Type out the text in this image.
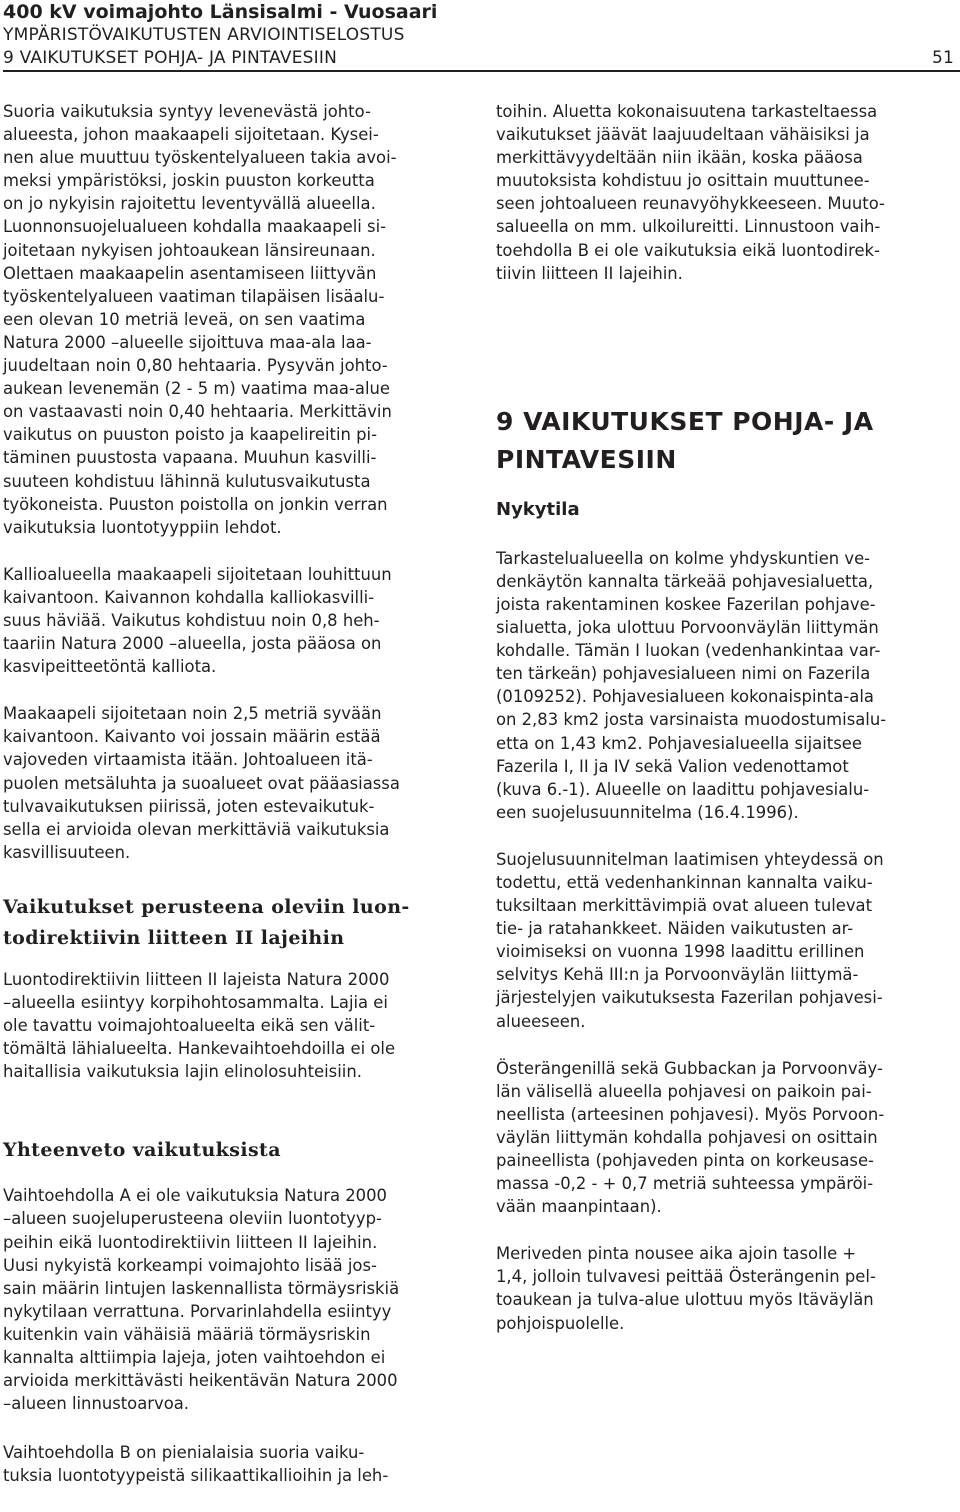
400 kV voimajohto Länsisalmi - Vuosaari
YMPÄRISTÖVAIKUTUSTEN ARVIOINTISELOSTUS
9 VAIKUTUKSET POHJA- JA PINTAVESIIN	51

Suoria vaikutuksia syntyy levenevästä johto-
alueesta, johon maakaapeli sijoitetaan. Kysei-
nen alue muuttuu työskentelyalueen takia avoi-
meksi ympäristöksi, joskin puuston korkeutta
on jo nykyisin rajoitettu leventyvällä alueella.
Luonnonsuojelualueen kohdalla maakaapeli si-
joitetaan nykyisen johtoaukean länsireunaan.
Olettaen maakaapelin asentamiseen liittyvän
työskentelyalueen vaatiman tilapäisen lisäalu-
een olevan 10 metriä leveä, on sen vaatima
Natura 2000 –alueelle sijoittuva maa-ala laa-
juudeltaan noin 0,80 hehtaaria. Pysyvän johto-
aukean levenemän (2 - 5 m) vaatima maa-alue
on vastaavasti noin 0,40 hehtaaria. Merkittävin
vaikutus on puuston poisto ja kaapelireitin pi-
täminen puustosta vapaana. Muuhun kasvilli-
suuteen kohdistuu lähinnä kulutusvaikutusta
työkoneista. Puuston poistolla on jonkin verran
vaikutuksia luontotyyppiin lehdot.

Kallioalueella maakaapeli sijoitetaan louhittuun
kaivantoon. Kaivannon kohdalla kalliokasvilli-
suus häviää. Vaikutus kohdistuu noin 0,8 heh-
taariin Natura 2000 –alueella, josta pääosa on
kasvipeitteetöntä kalliota.

Maakaapeli sijoitetaan noin 2,5 metriä syvään
kaivantoon. Kaivanto voi jossain määrin estää
vajoveden virtaamista itään. Johtoalueen itä-
puolen metsäluhta ja suoalueet ovat pääasiassa
tulvavaikutuksen piirissä, joten estevaikutuk-
sella ei arvioida olevan merkittäviä vaikutuksia
kasvillisuuteen.

Vaikutukset perusteena oleviin luon-
todirektiivin liitteen II lajeihin

Luontodirektiivin liitteen II lajeista Natura 2000
–alueella esiintyy korpihohtosammalta. Lajia ei
ole tavattu voimajohtoalueelta eikä sen välit-
tömältä lähialueelta. Hankevaihtoehdoilla ei ole
haitallisia vaikutuksia lajin elinolosuhteisiin.

Yhteenveto vaikutuksista

Vaihtoehdolla A ei ole vaikutuksia Natura 2000
–alueen suojeluperusteena oleviin luontotyyp-
peihin eikä luontodirektiivin liitteen II lajeihin.
Uusi nykyistä korkeampi voimajohto lisää jos-
sain määrin lintujen laskennallista törmäysriskiä
nykytilaan verrattuna. Porvarinlahdella esiintyy
kuitenkin vain vähäisiä määriä törmäysriskin
kannalta alttiimpia lajeja, joten vaihtoehdon ei
arvioida merkittävästi heikentävän Natura 2000
–alueen linnustoarvoa.

Vaihtoehdolla B on pienialaisia suoria vaiku-
tuksia luontotyypeistä silikaattikallioihin ja leh-

toihin. Aluetta kokonaisuutena tarkasteltaessa
vaikutukset jäävät laajuudeltaan vähäisiksi ja
merkittävyydeltään niin ikään, koska pääosa
muutoksista kohdistuu jo osittain muuttunee-
seen johtoalueen reunavyöhykkeeseen. Muuto-
salueella on mm. ulkoilureitti. Linnustoon vaih-
toehdolla B ei ole vaikutuksia eikä luontodirek-
tiivin liitteen II lajeihin.

9 VAIKUTUKSET POHJA- JA
PINTAVESIIN
Nykytila

Tarkastelualueella on kolme yhdyskuntien ve-
denkäytön kannalta tärkeää pohjavesialuetta,
joista rakentaminen koskee Fazerilan pohjave-
sialuetta, joka ulottuu Porvoonväylän liittymän
kohdalle. Tämän I luokan (vedenhankintaa var-
ten tärkeän) pohjavesialueen nimi on Fazerila
(0109252). Pohjavesialueen kokonaispinta-ala
on 2,83 km2 josta varsinaista muodostumisalu-
etta on 1,43 km2. Pohjavesialueella sijaitsee
Fazerila I, II ja IV sekä Valion vedenottamot
(kuva 6.-1). Alueelle on laadittu pohjavesialu-
een suojelusuunnitelma (16.4.1996).

Suojelusuunnitelman laatimisen yhteydessä on
todettu, että vedenhankinnan kannalta vaiku-
tuksiltaan merkittävimpiä ovat alueen tulevat
tie- ja ratahankkeet. Näiden vaikutusten ar-
vioimiseksi on vuonna 1998 laadittu erillinen
selvitys Kehä III:n ja Porvoonväylän liittymä-
järjestelyjen vaikutuksesta Fazerilan pohjavesi-
alueeseen.

Österängenillä sekä Gubbackan ja Porvoonväy-
län välisellä alueella pohjavesi on paikoin pai-
neellista (arteesinen pohjavesi). Myös Porvoon-
väylän liittymän kohdalla pohjavesi on osittain
paineellista (pohjaveden pinta on korkeusase-
massa -0,2 - + 0,7 metriä suhteessa ympäröi-
vään maanpintaan).

Meriveden pinta nousee aika ajoin tasolle +
1,4, jolloin tulvavesi peittää Österängenin pel-
toaukean ja tulva-alue ulottuu myös Itäväylän
pohjoispuolelle.
